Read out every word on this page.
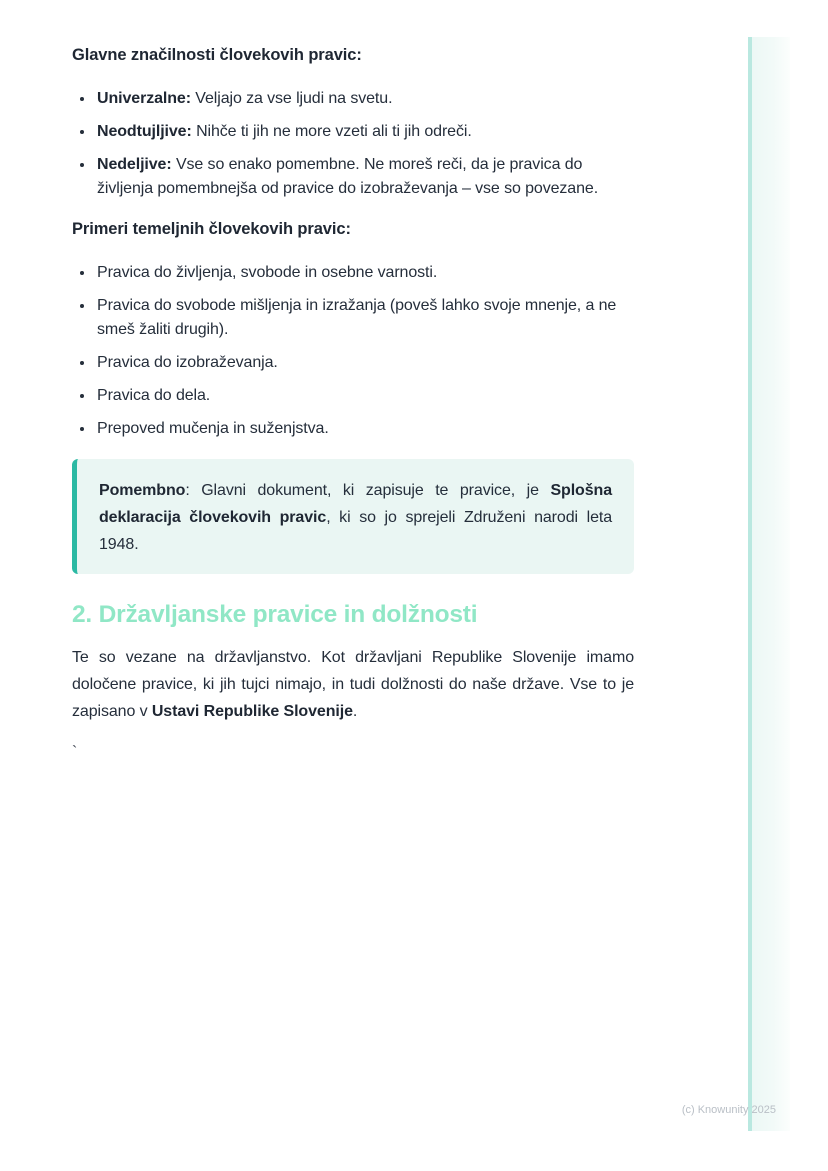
Glavne značilnosti človekovih pravic:
• Univerzalne: Veljajo za vse ljudi na svetu.
• Neodtujljive: Nihče ti jih ne more vzeti ali ti jih odreči.
• Nedeljive: Vse so enako pomembne. Ne moreš reči, da je pravica do življenja pomembnejša od pravice do izobraževanja – vse so povezane.
Primeri temeljnih človekovih pravic:
• Pravica do življenja, svobode in osebne varnosti.
• Pravica do svobode mišljenja in izražanja (poveš lahko svoje mnenje, a ne smeš žaliti drugih).
• Pravica do izobraževanja.
• Pravica do dela.
• Prepoved mučenja in suženjstva.
Pomembno: Glavni dokument, ki zapisuje te pravice, je Splošna deklaracija človekovih pravic, ki so jo sprejeli Združeni narodi leta 1948.
2. Državljanske pravice in dolžnosti
Te so vezane na državljanstvo. Kot državljani Republike Slovenije imamo določene pravice, ki jih tujci nimajo, in tudi dolžnosti do naše države. Vse to je zapisano v Ustavi Republike Slovenije.
`
(c) Knowunity 2025
